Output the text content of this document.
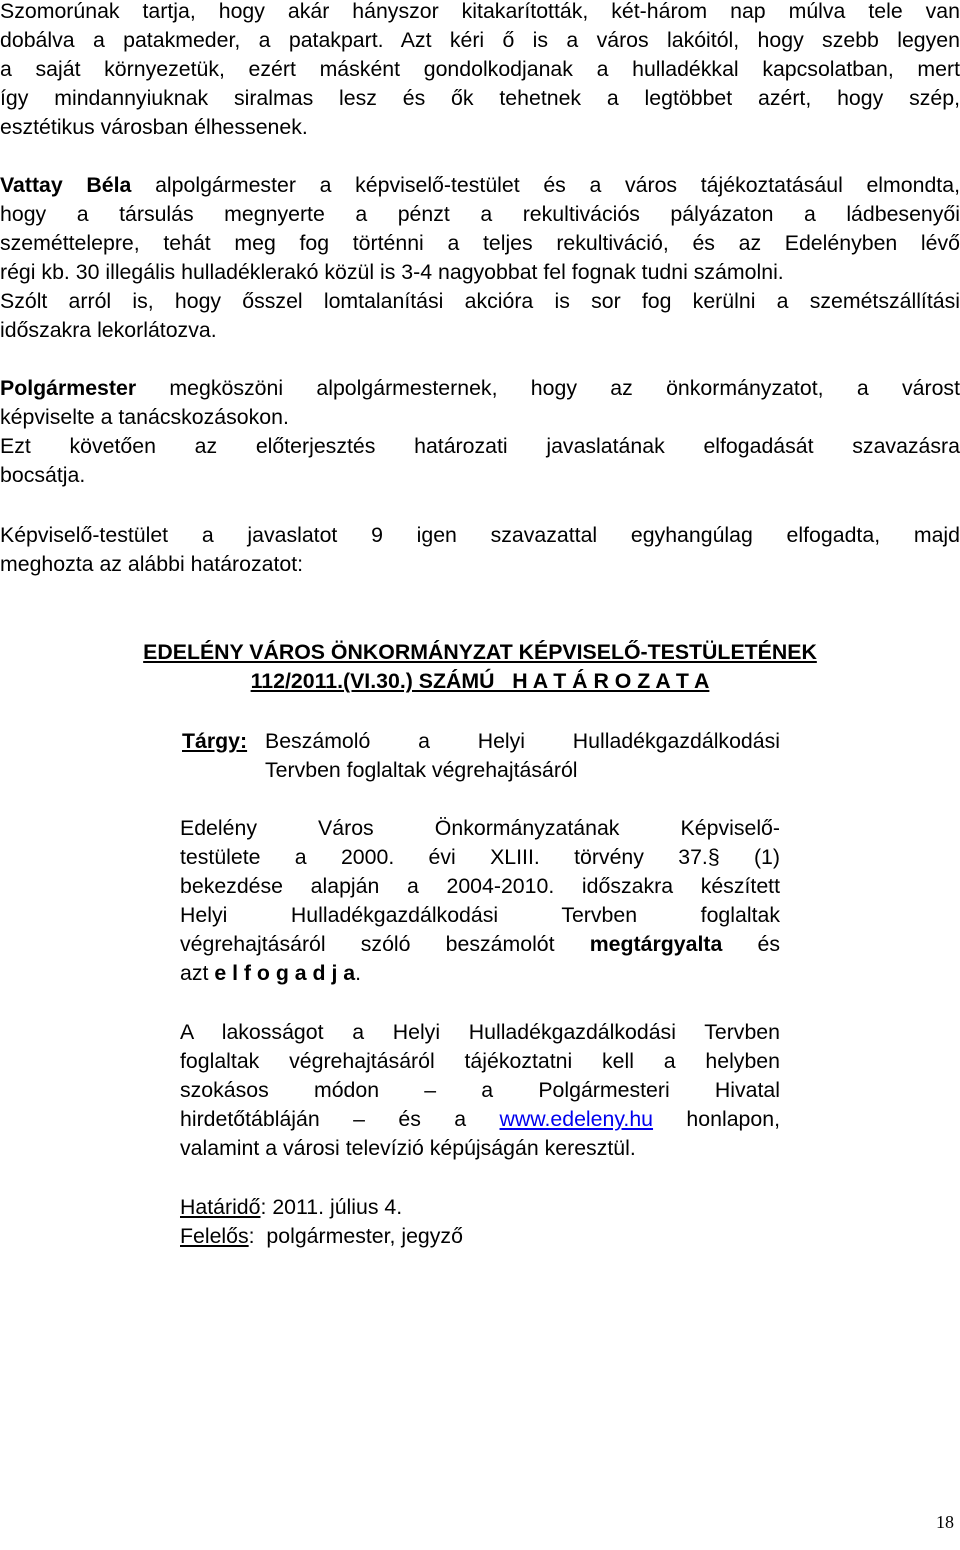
Szomorúnak tartja, hogy akár hányszor kitakarították, két-három nap múlva tele van
dobálva a patakmeder, a patakpart. Azt kéri ő is a város lakóitól, hogy szebb legyen
a saját környezetük, ezért másként gondolkodjanak a hulladékkal kapcsolatban, mert
így mindannyiuknak siralmas lesz és ők tehetnek a legtöbbet azért, hogy szép,
esztétikus városban élhessenek.
Vattay Béla alpolgármester a képviselő-testület és a város tájékoztatásául elmondta,
hogy a társulás megnyerte a pénzt a rekultivációs pályázaton a ládbesenyői
szeméttelepre, tehát meg fog történni a teljes rekultiváció, és az Edelényben lévő
régi kb. 30 illegális hulladéklerakó közül is 3-4 nagyobbat fel fognak tudni számolni.
Szólt arról is, hogy ősszel lomtalanítási akcióra is sor fog kerülni a szemétszállítási
időszakra lekorlátozva.
Polgármester megköszöni alpolgármesternek, hogy az önkormányzatot, a várost
képviselte a tanácskozásokon.
Ezt követően az előterjesztés határozati javaslatának elfogadását szavazásra
bocsátja.
Képviselő-testület a javaslatot 9 igen szavazattal egyhangúlag elfogadta, majd
meghozta az alábbi határozatot:
EDELÉNY VÁROS ÖNKORMÁNYZAT KÉPVISELŐ-TESTÜLETÉNEK
112/2011.(VI.30.) SZÁMÚ   H A T Á R O Z A T A
Tárgy: Beszámoló a Helyi Hulladékgazdálkodási
Tervben foglaltak végrehajtásáról
Edelény Város Önkormányzatának Képviselő-
testülete a 2000. évi XLIII. törvény 37.§ (1)
bekezdése alapján a 2004-2010. időszakra készített
Helyi Hulladékgazdálkodási Tervben foglaltak
végrehajtásáról szóló beszámolót megtárgyalta és
azt e l f o g a d j a.
A lakosságot a Helyi Hulladékgazdálkodási Tervben
foglaltak végrehajtásáról tájékoztatni kell a helyben
szokásos módon – a Polgármesteri Hivatal
hirdetőtábláján – és a www.edeleny.hu honlapon,
valamint a városi televízió képújságán keresztül.
Határidő: 2011. július 4.
Felelős:  polgármester, jegyző
18
